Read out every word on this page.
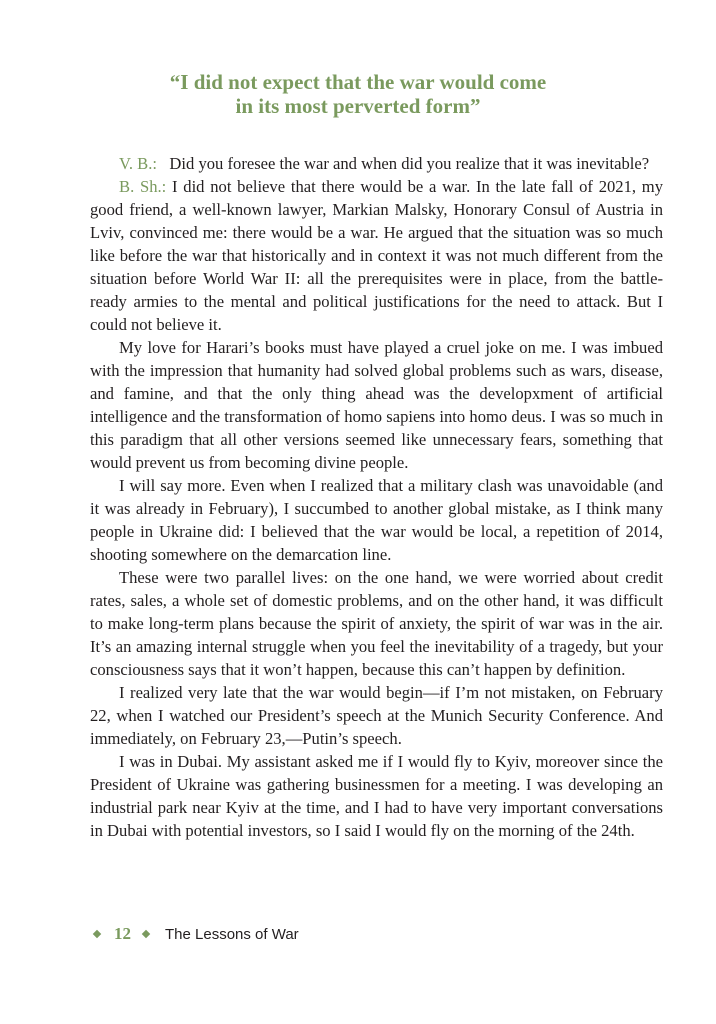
“I did not expect that the war would come
in its most perverted form”

V. B.: Did you foresee the war and when did you realize that it was inevitable?

B. Sh.: I did not believe that there would be a war. In the late fall of 2021, my good friend, a well-known lawyer, Markian Malsky, Honorary Consul of Austria in Lviv, convinced me: there would be a war. He argued that the situation was so much like before the war that historically and in context it was not much different from the situation before World War II: all the prerequisites were in place, from the battle-ready armies to the mental and political justifications for the need to attack. But I could not believe it.

My love for Harari’s books must have played a cruel joke on me. I was imbued with the impression that humanity had solved global problems such as wars, disease, and famine, and that the only thing ahead was the developxment of artificial intelligence and the transformation of homo sapiens into homo deus. I was so much in this paradigm that all other versions seemed like unnecessary fears, something that would prevent us from becoming divine people.

I will say more. Even when I realized that a military clash was unavoidable (and it was already in February), I succumbed to another global mistake, as I think many people in Ukraine did: I believed that the war would be local, a repetition of 2014, shooting somewhere on the demarcation line.

These were two parallel lives: on the one hand, we were worried about credit rates, sales, a whole set of domestic problems, and on the other hand, it was difficult to make long-term plans because the spirit of anxiety, the spirit of war was in the air. It’s an amazing internal struggle when you feel the inevitability of a tragedy, but your consciousness says that it won’t happen, because this can’t happen by definition.

I realized very late that the war would begin—if I’m not mistaken, on February 22, when I watched our President’s speech at the Munich Security Conference. And immediately, on February 23,—Putin’s speech.

I was in Dubai. My assistant asked me if I would fly to Kyiv, moreover since the President of Ukraine was gathering businessmen for a meeting. I was developing an industrial park near Kyiv at the time, and I had to have very important conversations in Dubai with potential investors, so I said I would fly on the morning of the 24th.

12 The Lessons of War
